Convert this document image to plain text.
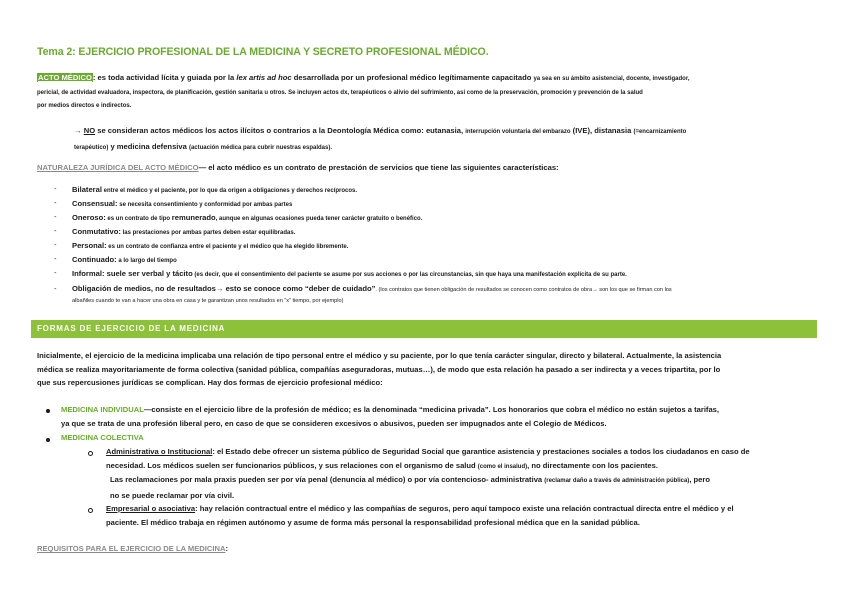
Tema 2: EJERCICIO PROFESIONAL DE LA MEDICINA Y SECRETO PROFESIONAL MÉDICO.
ACTO MÉDICO: es toda actividad lícita y guiada por la lex artis ad hoc desarrollada por un profesional médico legítimamente capacitado ya sea en su ámbito asistencial, docente, investigador,
pericial, de actividad evaluadora, inspectora, de planificación, gestión sanitaria u otros. Se incluyen actos dx, terapéuticos o alivio del sufrimiento, así como de la preservación, promoción y prevención de la salud
por medios directos e indirectos.
→ NO se consideran actos médicos los actos ilícitos o contrarios a la Deontología Médica como: eutanasia, interrupción voluntaria del embarazo (IVE), distanasia (=encarnizamiento
terapéutico) y medicina defensiva (actuación médica para cubrir nuestras espaldas).
NATURALEZA JURÍDICA DEL ACTO MÉDICO— el acto médico es un contrato de prestación de servicios que tiene las siguientes características:
- Bilateral entre el médico y el paciente, por lo que da origen a obligaciones y derechos recíprocos.
- Consensual: se necesita consentimiento y conformidad por ambas partes
- Oneroso: es un contrato de tipo remunerado, aunque en algunas ocasiones pueda tener carácter gratuito o benéfico.
- Conmutativo: las prestaciones por ambas partes deben estar equilibradas.
- Personal: es un contrato de confianza entre el paciente y el médico que ha elegido libremente.
- Continuado: a lo largo del tiempo
- Informal: suele ser verbal y tácito (es decir, que el consentimiento del paciente se asume por sus acciones o por las circunstancias, sin que haya una manifestación explícita de su parte.
- Obligación de medios, no de resultados→ esto se conoce como “deber de cuidado”. (los contratos que tienen obligación de resultados se conocen como contratos de obra→ son los que se firman con los
albañiles cuando te van a hacer una obra en casa y te garantizan unos resultados en “x” tiempo, por ejemplo)
FORMAS DE EJERCICIO DE LA MEDICINA
Inicialmente, el ejercicio de la medicina implicaba una relación de tipo personal entre el médico y su paciente, por lo que tenía carácter singular, directo y bilateral. Actualmente, la asistencia
médica se realiza mayoritariamente de forma colectiva (sanidad pública, compañías aseguradoras, mutuas…), de modo que esta relación ha pasado a ser indirecta y a veces tripartita, por lo
que sus repercusiones jurídicas se complican. Hay dos formas de ejercicio profesional médico:
MEDICINA INDIVIDUAL—consiste en el ejercicio libre de la profesión de médico; es la denominada “medicina privada”. Los honorarios que cobra el médico no están sujetos a tarifas,
ya que se trata de una profesión liberal pero, en caso de que se consideren excesivos o abusivos, pueden ser impugnados ante el Colegio de Médicos.
MEDICINA COLECTIVA
Administrativa o Institucional: el Estado debe ofrecer un sistema público de Seguridad Social que garantice asistencia y prestaciones sociales a todos los ciudadanos en caso de
necesidad. Los médicos suelen ser funcionarios públicos, y sus relaciones con el organismo de salud (como el insalud), no directamente con los pacientes.
Las reclamaciones por mala praxis pueden ser por vía penal (denuncia al médico) o por vía contencioso- administrativa (reclamar daño a través de administración pública), pero
no se puede reclamar por vía civil.
Empresarial o asociativa: hay relación contractual entre el médico y las compañías de seguros, pero aquí tampoco existe una relación contractual directa entre el médico y el
paciente. El médico trabaja en régimen autónomo y asume de forma más personal la responsabilidad profesional médica que en la sanidad pública.
REQUISITOS PARA EL EJERCICIO DE LA MEDICINA:
